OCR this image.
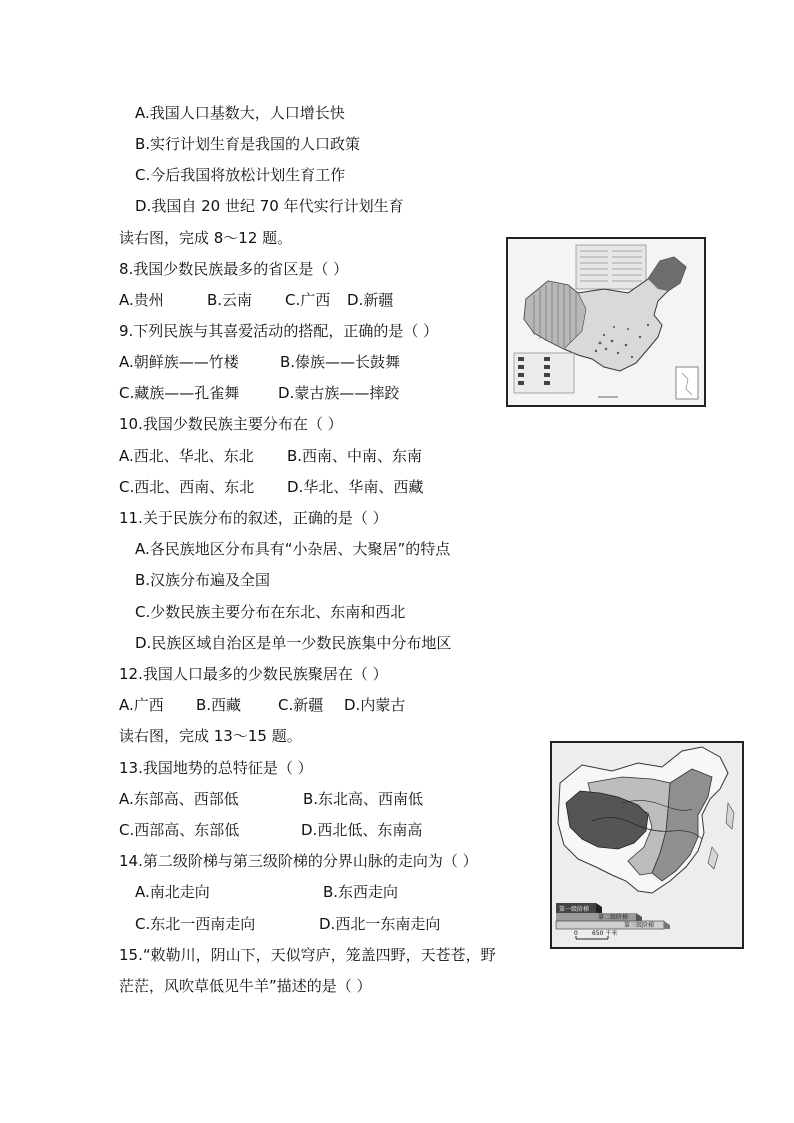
A.我国人口基数大，人口增长快
B.实行计划生育是我国的人口政策
C.今后我国将放松计划生育工作
D.我国自 20 世纪 70 年代实行计划生育
读右图，完成 8～12 题。
8.我国少数民族最多的省区是（ ）
A.贵州	B.云南 C.广西 D.新疆
9.下列民族与其喜爱活动的搭配，正确的是（ ）
A.朝鲜族——竹楼	B.傣族——长鼓舞
C.藏族——孔雀舞	D.蒙古族——摔跤
10.我国少数民族主要分布在（ ）
A.西北、华北、东北 B.西南、中南、东南
C.西北、西南、东北 D.华北、华南、西藏
11.关于民族分布的叙述，正确的是（ ）
A.各民族地区分布具有“小杂居、大聚居”的特点
B.汉族分布遍及全国
C.少数民族主要分布在东北、东南和西北
D.民族区域自治区是单一少数民族集中分布地区
12.我国人口最多的少数民族聚居在（ ）
A.广西 B.西藏 C.新疆 D.内蒙古
读右图，完成 13～15 题。
13.我国地势的总特征是（ ）
A.东部高、西部低	B.东北高、西南低
C.西部高、东部低	D.西北低、东南高
14.第二级阶梯与第三级阶梯的分界山脉的走向为（ ）
A.南北走向	B.东西走向
C.东北一西南走向	D.西北一东南走向
15.“敕勒川，阴山下，天似穹庐，笼盖四野，天苍苍，野
茫茫，风吹草低见牛羊”描述的是（ ）
第一级阶梯
第二级阶梯
第三级阶梯
0 650 千米
